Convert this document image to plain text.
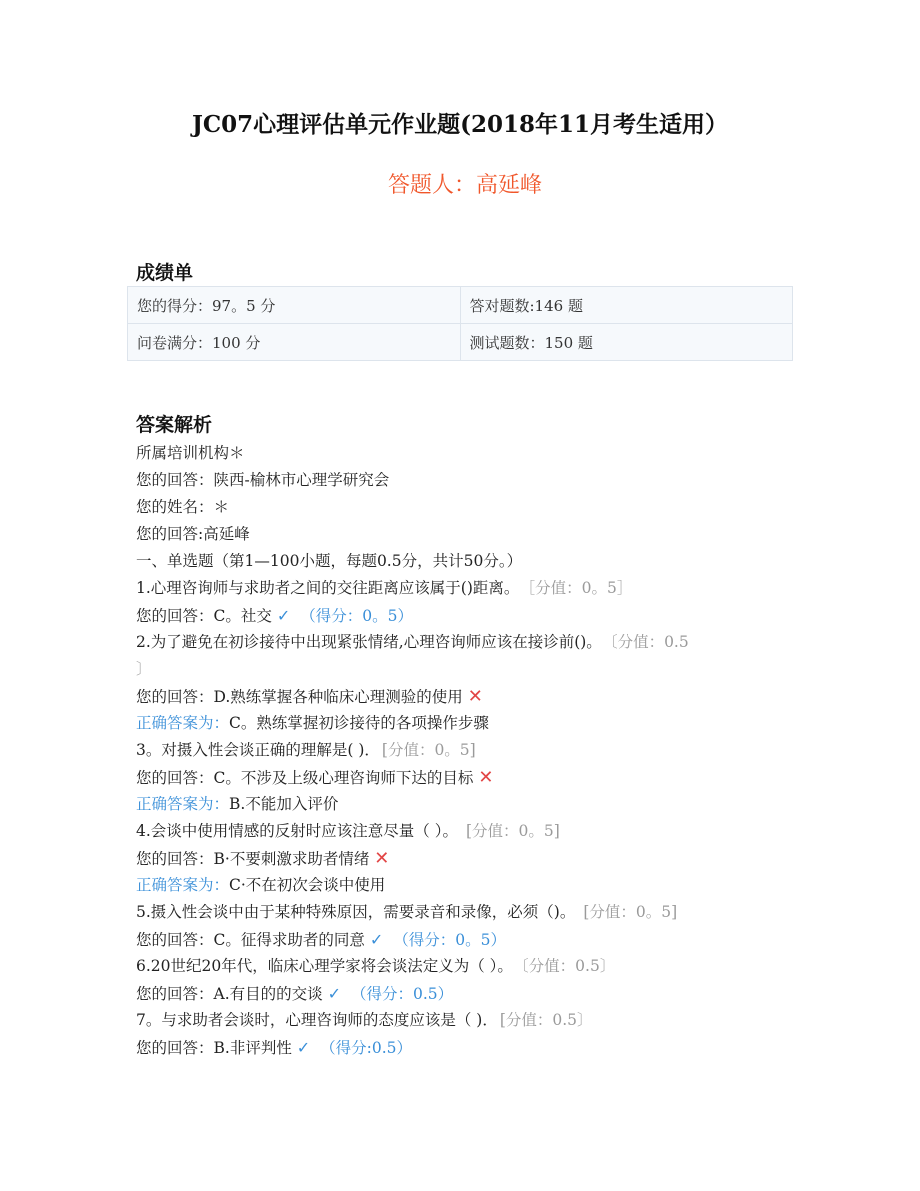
JC07心理评估单元作业题(2018年11月考生适用）
答题人：高延峰
成绩单
您的得分：97。5 分	答对题数:146 题
问卷满分：100 分	测试题数：150 题
答案解析
所属培训机构＊
您的回答：陕西-榆林市心理学研究会
您的姓名：＊
您的回答:高延峰
一、单选题（第1—100小题，每题0.5分，共计50分。）
1.心理咨询师与求助者之间的交往距离应该属于()距离。 ［分值：0。5］
您的回答：C。社交 ✓ （得分：0。5）
2.为了避免在初诊接待中出现紧张情绪,心理咨询师应该在接诊前()。 〔分值：0.5
〕
您的回答：D.熟练掌握各种临床心理测验的使用 ✕
正确答案为：C。熟练掌握初诊接待的各项操作步骤
3。对摄入性会谈正确的理解是( )． [分值：0。5]
您的回答：C。不涉及上级心理咨询师下达的目标 ✕
正确答案为：B.不能加入评价
4.会谈中使用情感的反射时应该注意尽量（ ）。 [分值：0。5]
您的回答：B·不要刺激求助者情绪 ✕
正确答案为：C·不在初次会谈中使用
5.摄入性会谈中由于某种特殊原因，需要录音和录像，必须（)。 [分值：0。5]
您的回答：C。征得求助者的同意 ✓ （得分：0。5）
6.20世纪20年代，临床心理学家将会谈法定义为（ ）。 〔分值：0.5〕
您的回答：A.有目的的交谈 ✓ （得分：0.5）
7。与求助者会谈时，心理咨询师的态度应该是（ )． [分值：0.5〕
您的回答：B.非评判性 ✓ （得分:0.5）
